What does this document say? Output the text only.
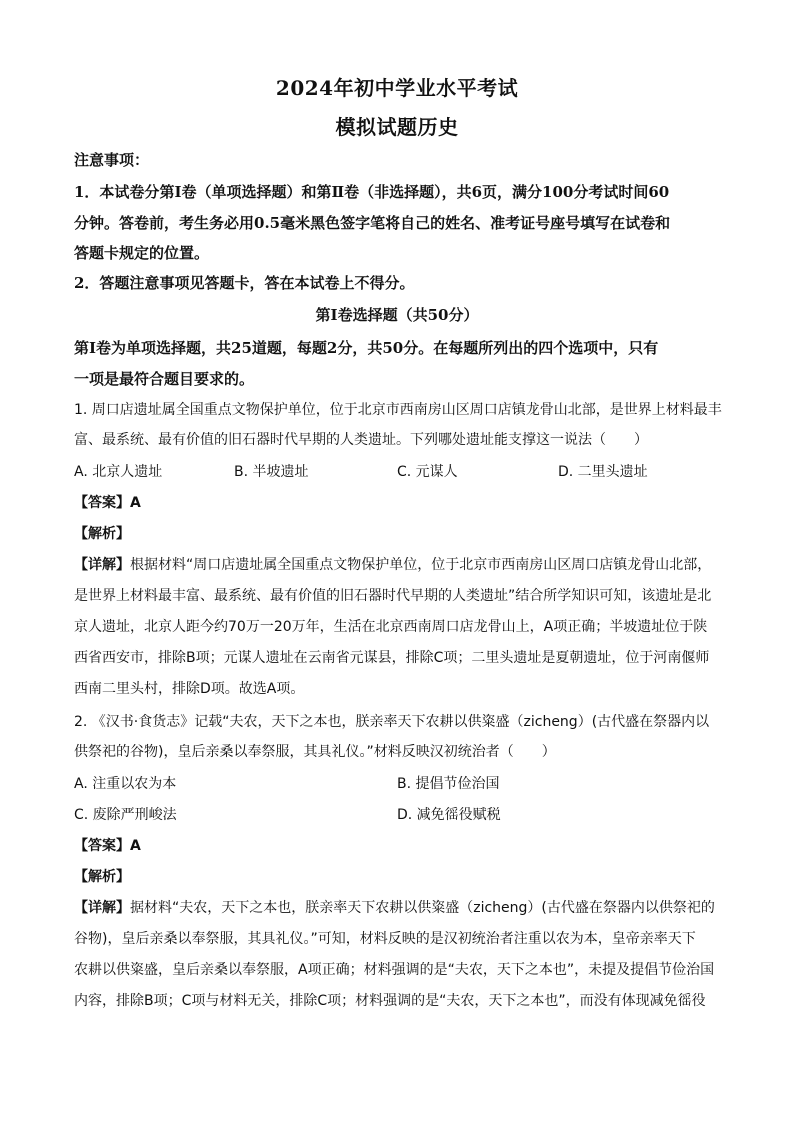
2024年初中学业水平考试
模拟试题历史
注意事项：
1．本试卷分第Ⅰ卷（单项选择题）和第Ⅱ卷（非选择题），共6页，满分100分考试时间60
分钟。答卷前，考生务必用0.5毫米黑色签字笔将自己的姓名、准考证号座号填写在试卷和
答题卡规定的位置。
2．答题注意事项见答题卡，答在本试卷上不得分。
第Ⅰ卷选择题（共50分）
第Ⅰ卷为单项选择题，共25道题，每题2分，共50分。在每题所列出的四个选项中，只有
一项是最符合题目要求的。
1. 周口店遗址属全国重点文物保护单位，位于北京市西南房山区周口店镇龙骨山北部，是世界上材料最丰
富、最系统、最有价值的旧石器时代早期的人类遗址。下列哪处遗址能支撑这一说法（　　）
A. 北京人遗址	B. 半坡遗址	C. 元谋人	D. 二里头遗址
【答案】A
【解析】
【详解】根据材料“周口店遗址属全国重点文物保护单位，位于北京市西南房山区周口店镇龙骨山北部，
是世界上材料最丰富、最系统、最有价值的旧石器时代早期的人类遗址”结合所学知识可知，该遗址是北
京人遗址，北京人距今约70万一20万年，生活在北京西南周口店龙骨山上，A项正确；半坡遗址位于陕
西省西安市，排除B项；元谋人遗址在云南省元谋县，排除C项；二里头遗址是夏朝遗址，位于河南偃师
西南二里头村，排除D项。故选A项。
2. 《汉书·食货志》记载“夫农，天下之本也，朕亲率天下农耕以供粢盛（zicheng）(古代盛在祭器内以
供祭祀的谷物)，皇后亲桑以奉祭服，其具礼仪。”材料反映汉初统治者（　　）
A. 注重以农为本	B. 提倡节俭治国
C. 废除严刑峻法	D. 减免徭役赋税
【答案】A
【解析】
【详解】据材料“夫农，天下之本也，朕亲率天下农耕以供粢盛（zicheng）(古代盛在祭器内以供祭祀的
谷物)，皇后亲桑以奉祭服，其具礼仪。”可知，材料反映的是汉初统治者注重以农为本，皇帝亲率天下
农耕以供粢盛，皇后亲桑以奉祭服，A项正确；材料强调的是“夫农，天下之本也”，未提及提倡节俭治国
内容，排除B项；C项与材料无关，排除C项；材料强调的是“夫农，天下之本也”，而没有体现减免徭役
